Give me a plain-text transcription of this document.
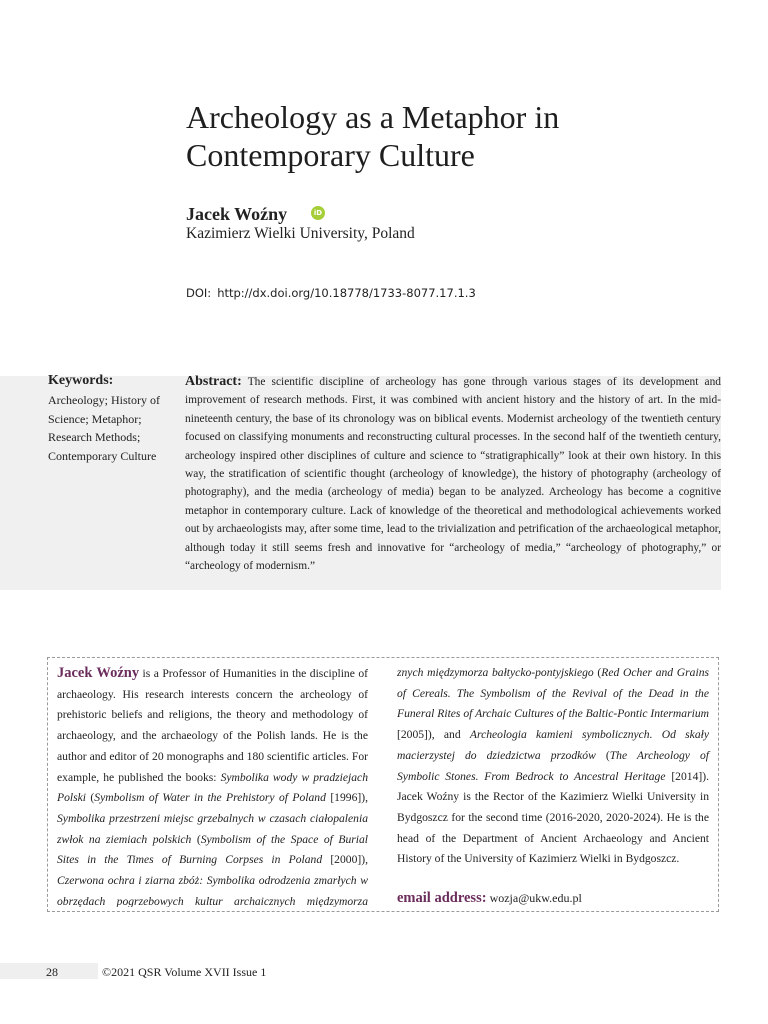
Archeology as a Metaphor in Contemporary Culture
Jacek Woźny	iD
Kazimierz Wielki University, Poland
DOI: http://dx.doi.org/10.18778/1733-8077.17.1.3
Keywords:
Archeology; History of Science; Metaphor; Research Methods; Contemporary Culture

Abstract: The scientific discipline of archeology has gone through various stages of its development and improvement of research methods. First, it was combined with ancient history and the history of art. In the mid-nineteenth century, the base of its chronology was on biblical events. Modernist archeology of the twentieth century focused on classifying monuments and reconstructing cultural processes. In the second half of the twentieth century, archeology inspired other disciplines of culture and science to “stratigraphically” look at their own history. In this way, the stratification of scientific thought (archeology of knowledge), the history of photography (archeology of photography), and the media (archeology of media) began to be analyzed. Archeology has become a cognitive metaphor in contemporary culture. Lack of knowledge of the theoretical and methodological achievements worked out by archaeologists may, after some time, lead to the trivialization and petrification of the archaeological metaphor, although today it still seems fresh and innovative for “archeology of media,” “archeology of photography,” or “archeology of modernism.”

Jacek Woźny is a Professor of Humanities in the discipline of archaeology. His research interests concern the archeology of prehistoric beliefs and religions, the theory and methodology of archaeology, and the archaeology of the Polish lands. He is the author and editor of 20 monographs and 180 scientific articles. For example, he published the books: Symbolika wody w pradziejach Polski (Symbolism of Water in the Prehistory of Poland [1996]), Symbolika przestrzeni miejsc grzebalnych w czasach ciałopalenia zwłok na ziemiach polskich (Symbolism of the Space of Burial Sites in the Times of Burning Corpses in Poland [2000]), Czerwona ochra i ziarna zbóż: Symbolika odrodzenia zmarłych w obrzędach pogrzebowych kultur archaicznych międzymorza
znych międzymorza bałtycko-pontyjskiego (Red Ocher and Grains of Cereals. The Symbolism of the Revival of the Dead in the Funeral Rites of Archaic Cultures of the Baltic-Pontic Intermarium [2005]), and Archeologia kamieni symbolicznych. Od skały macierzystej do dziedzictwa przodków (The Archeology of Symbolic Stones. From Bedrock to Ancestral Heritage [2014]). Jacek Woźny is the Rector of the Kazimierz Wielki University in Bydgoszcz for the second time (2016-2020, 2020-2024). He is the head of the Department of Ancient Archaeology and Ancient History of the University of Kazimierz Wielki in Bydgoszcz.
email address: wozja@ukw.edu.pl
28	©2021 QSR Volume XVII Issue 1
